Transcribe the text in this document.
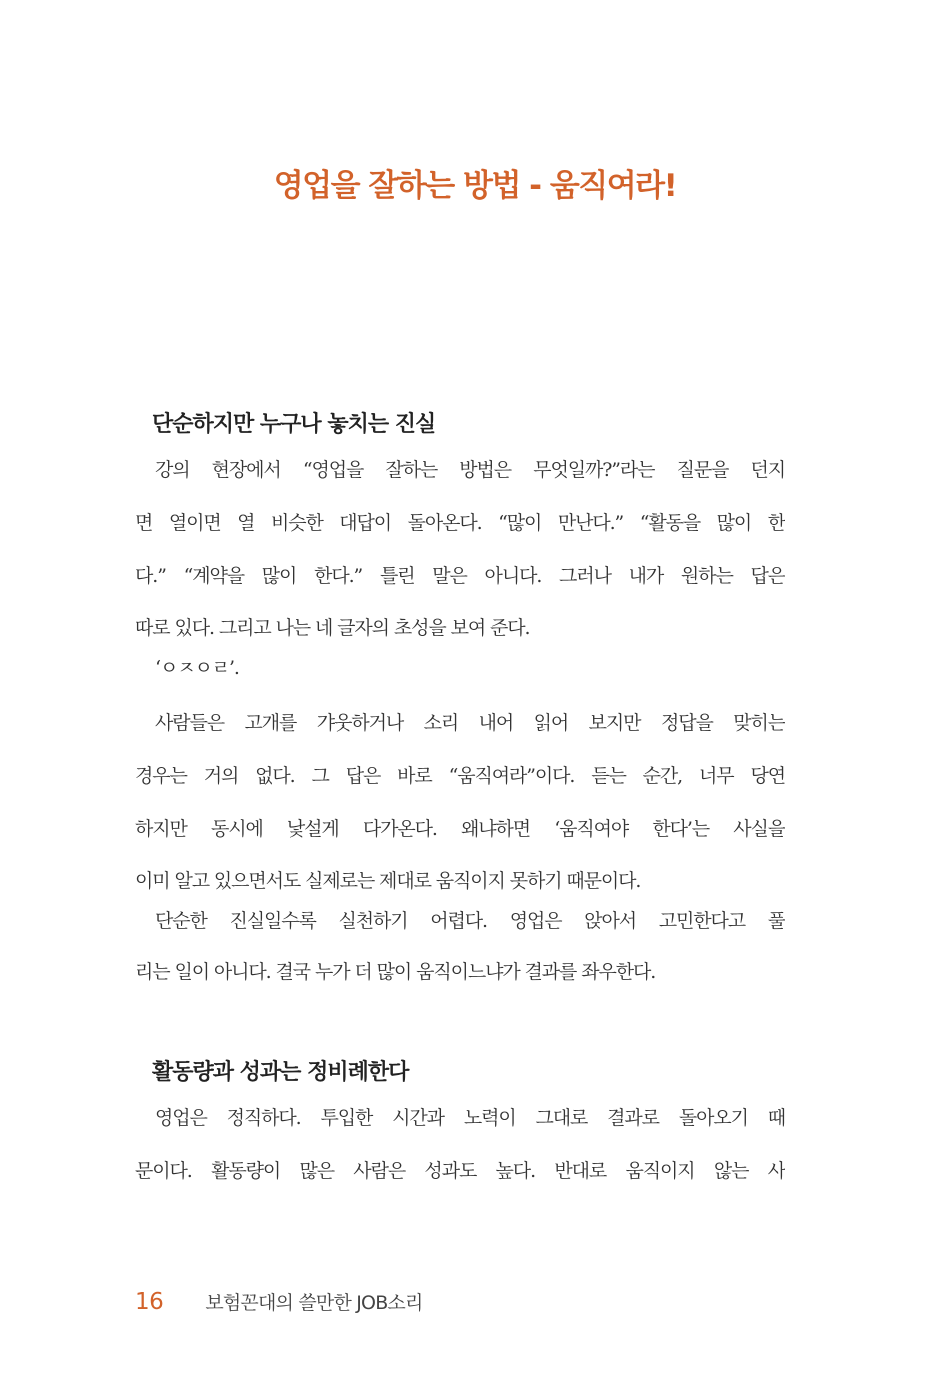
영업을 잘하는 방법 - 움직여라!
단순하지만 누구나 놓치는 진실

강의 현장에서 “영업을 잘하는 방법은 무엇일까?”라는 질문을 던지

면 열이면 열 비슷한 대답이 돌아온다. “많이 만난다.” “활동을 많이 한

다.” “계약을 많이 한다.” 틀린 말은 아니다. 그러나 내가 원하는 답은

따로 있다. 그리고 나는 네 글자의 초성을 보여 준다.

‘ㅇㅈㅇㄹ’.

사람들은 고개를 갸웃하거나 소리 내어 읽어 보지만 정답을 맞히는

경우는 거의 없다. 그 답은 바로 “움직여라”이다. 듣는 순간, 너무 당연

하지만 동시에 낯설게 다가온다. 왜냐하면 ‘움직여야 한다’는 사실을

이미 알고 있으면서도 실제로는 제대로 움직이지 못하기 때문이다.

단순한 진실일수록 실천하기 어렵다. 영업은 앉아서 고민한다고 풀

리는 일이 아니다. 결국 누가 더 많이 움직이느냐가 결과를 좌우한다.

활동량과 성과는 정비례한다

영업은 정직하다. 투입한 시간과 노력이 그대로 결과로 돌아오기 때

문이다. 활동량이 많은 사람은 성과도 높다. 반대로 움직이지 않는 사

16 보험꼰대의 쓸만한 JOB소리
